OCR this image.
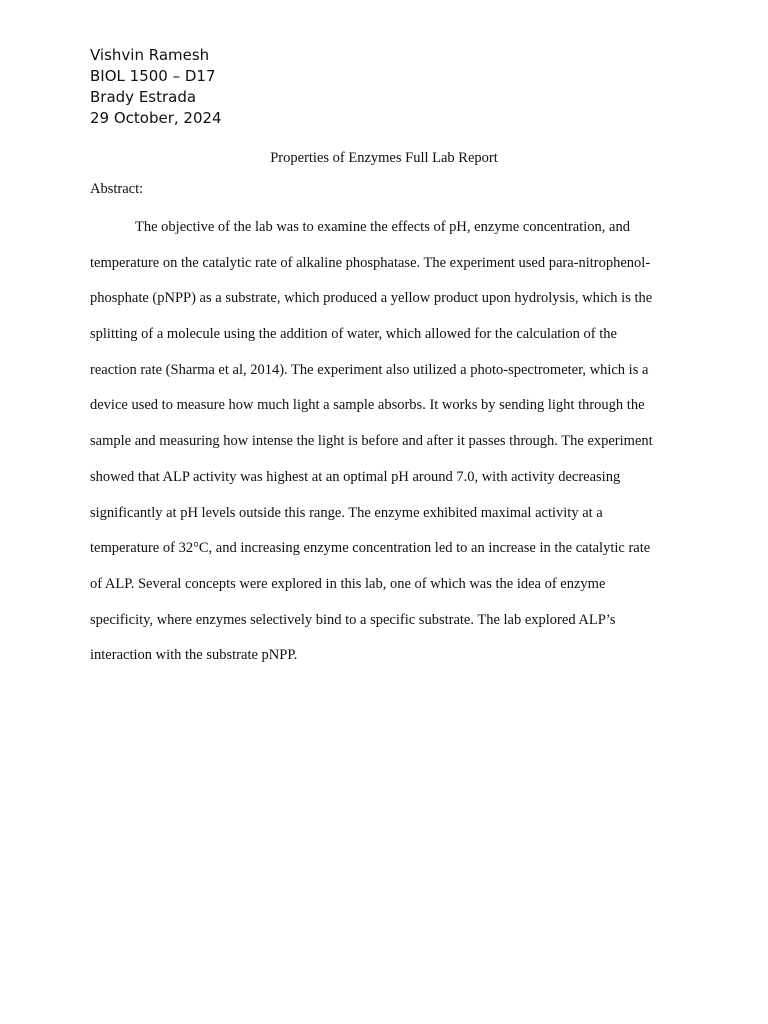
Vishvin Ramesh
BIOL 1500 – D17
Brady Estrada
29 October, 2024
Properties of Enzymes Full Lab Report
Abstract:
The objective of the lab was to examine the effects of pH, enzyme concentration, and
temperature on the catalytic rate of alkaline phosphatase. The experiment used para-nitrophenol-
phosphate (pNPP) as a substrate, which produced a yellow product upon hydrolysis, which is the
splitting of a molecule using the addition of water, which allowed for the calculation of the
reaction rate (Sharma et al, 2014). The experiment also utilized a photo-spectrometer, which is a
device used to measure how much light a sample absorbs. It works by sending light through the
sample and measuring how intense the light is before and after it passes through. The experiment
showed that ALP activity was highest at an optimal pH around 7.0, with activity decreasing
significantly at pH levels outside this range. The enzyme exhibited maximal activity at a
temperature of 32°C, and increasing enzyme concentration led to an increase in the catalytic rate
of ALP. Several concepts were explored in this lab, one of which was the idea of enzyme
specificity, where enzymes selectively bind to a specific substrate. The lab explored ALP’s
interaction with the substrate pNPP.
